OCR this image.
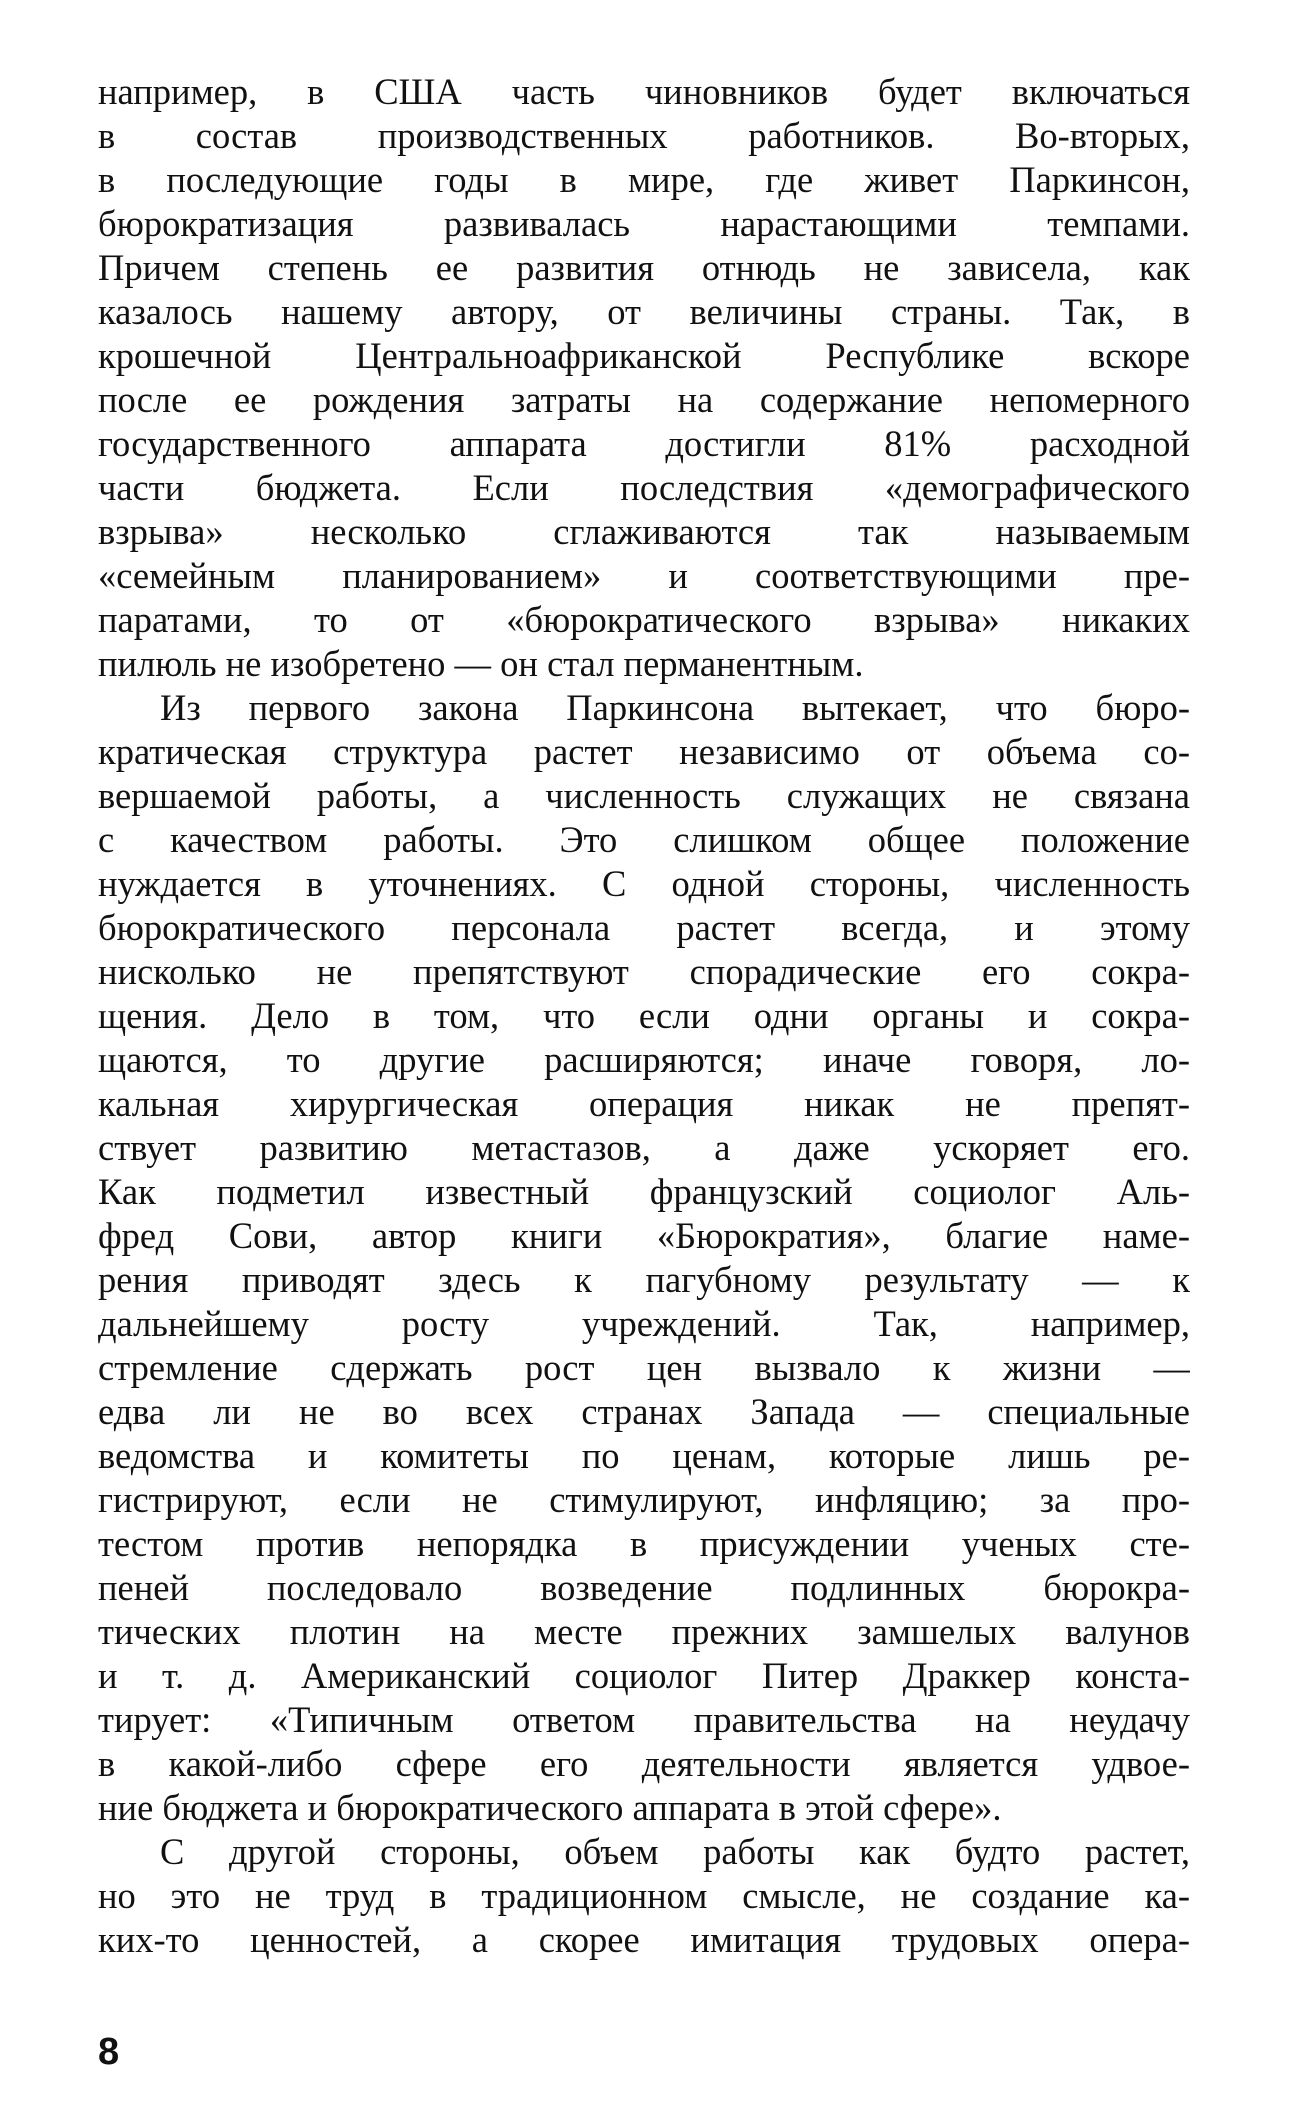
например, в США часть чиновников будет включаться
в состав производственных работников. Во-вторых,
в последующие годы в мире, где живет Паркинсон,
бюрократизация развивалась нарастающими темпами.
Причем степень ее развития отнюдь не зависела, как
казалось нашему автору, от величины страны. Так, в
крошечной Центральноафриканской Республике вскоре
после ее рождения затраты на содержание непомерного
государственного аппарата достигли 81% расходной
части бюджета. Если последствия «демографического
взрыва» несколько сглаживаются так называемым
«семейным планированием» и соответствующими пре-
паратами, то от «бюрократического взрыва» никаких
пилюль не изобретено — он стал перманентным.
Из первого закона Паркинсона вытекает, что бюро-
кратическая структура растет независимо от объема со-
вершаемой работы, а численность служащих не связана
с качеством работы. Это слишком общее положение
нуждается в уточнениях. С одной стороны, численность
бюрократического персонала растет всегда, и этому
нисколько не препятствуют спорадические его сокра-
щения. Дело в том, что если одни органы и сокра-
щаются, то другие расширяются; иначе говоря, ло-
кальная хирургическая операция никак не препят-
ствует развитию метастазов, а даже ускоряет его.
Как подметил известный французский социолог Аль-
фред Сови, автор книги «Бюрократия», благие наме-
рения приводят здесь к пагубному результату — к
дальнейшему росту учреждений. Так, например,
стремление сдержать рост цен вызвало к жизни —
едва ли не во всех странах Запада — специальные
ведомства и комитеты по ценам, которые лишь ре-
гистрируют, если не стимулируют, инфляцию; за про-
тестом против непорядка в присуждении ученых сте-
пеней последовало возведение подлинных бюрокра-
тических плотин на месте прежних замшелых валунов
и т. д. Американский социолог Питер Драккер конста-
тирует: «Типичным ответом правительства на неудачу
в какой-либо сфере его деятельности является удвое-
ние бюджета и бюрократического аппарата в этой сфере».
С другой стороны, объем работы как будто растет,
но это не труд в традиционном смысле, не создание ка-
ких-то ценностей, а скорее имитация трудовых опера-
8
